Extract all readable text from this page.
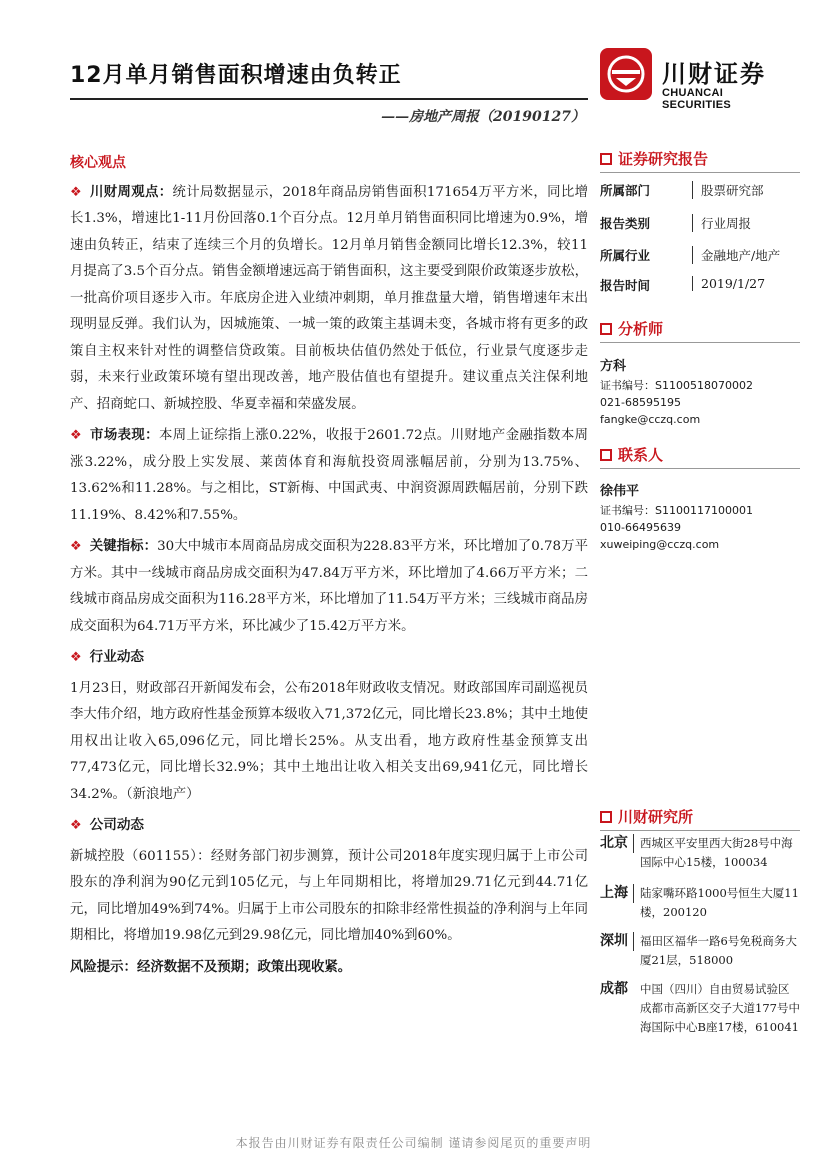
12月单月销售面积增速由负转正
——房地产周报（20190127）
川财证券
CHUANCAI SECURITIES
核心观点
❖ 川财周观点：统计局数据显示，2018年商品房销售面积171654万平方米，同比增长1.3%，增速比1-11月份回落0.1个百分点。12月单月销售面积同比增速为0.9%，增速由负转正，结束了连续三个月的负增长。12月单月销售金额同比增长12.3%，较11月提高了3.5个百分点。销售金额增速远高于销售面积，这主要受到限价政策逐步放松，一批高价项目逐步入市。年底房企进入业绩冲刺期，单月推盘量大增，销售增速年末出现明显反弹。我们认为，因城施策、一城一策的政策主基调未变，各城市将有更多的政策自主权来针对性的调整信贷政策。目前板块估值仍然处于低位，行业景气度逐步走弱，未来行业政策环境有望出现改善，地产股估值也有望提升。建议重点关注保利地产、招商蛇口、新城控股、华夏幸福和荣盛发展。
❖ 市场表现：本周上证综指上涨0.22%，收报于2601.72点。川财地产金融指数本周涨3.22%，成分股上实发展、莱茵体育和海航投资周涨幅居前，分别为13.75%、13.62%和11.28%。与之相比，ST新梅、中国武夷、中润资源周跌幅居前，分别下跌11.19%、8.42%和7.55%。
❖ 关键指标：30大中城市本周商品房成交面积为228.83平方米，环比增加了0.78万平方米。其中一线城市商品房成交面积为47.84万平方米，环比增加了4.66万平方米；二线城市商品房成交面积为116.28平方米，环比增加了11.54万平方米；三线城市商品房成交面积为64.71万平方米，环比减少了15.42万平方米。
❖ 行业动态
1月23日，财政部召开新闻发布会，公布2018年财政收支情况。财政部国库司副巡视员李大伟介绍，地方政府性基金预算本级收入71,372亿元，同比增长23.8%；其中土地使用权出让收入65,096亿元，同比增长25%。从支出看，地方政府性基金预算支出77,473亿元，同比增长32.9%；其中土地出让收入相关支出69,941亿元，同比增长34.2%。（新浪地产）
❖ 公司动态
新城控股（601155）：经财务部门初步测算，预计公司2018年度实现归属于上市公司股东的净利润为90亿元到105亿元，与上年同期相比，将增加29.71亿元到44.71亿元，同比增加49%到74%。归属于上市公司股东的扣除非经常性损益的净利润与上年同期相比，将增加19.98亿元到29.98亿元，同比增加40%到60%。
风险提示：经济数据不及预期；政策出现收紧。
证券研究报告
所属部门	股票研究部
报告类别	行业周报
所属行业	金融地产/地产
报告时间	2019/1/27
分析师
方科
证书编号：S1100518070002
021-68595195
fangke@cczq.com
联系人
徐伟平
证书编号：S1100117100001
010-66495639
xuweiping@cczq.com
川财研究所
北京	西城区平安里西大街28号中海国际中心15楼，100034
上海	陆家嘴环路1000号恒生大厦11楼，200120
深圳	福田区福华一路6号免税商务大厦21层，518000
成都	中国（四川）自由贸易试验区成都市高新区交子大道177号中海国际中心B座17楼，610041
本报告由川财证券有限责任公司编制 谨请参阅尾页的重要声明
